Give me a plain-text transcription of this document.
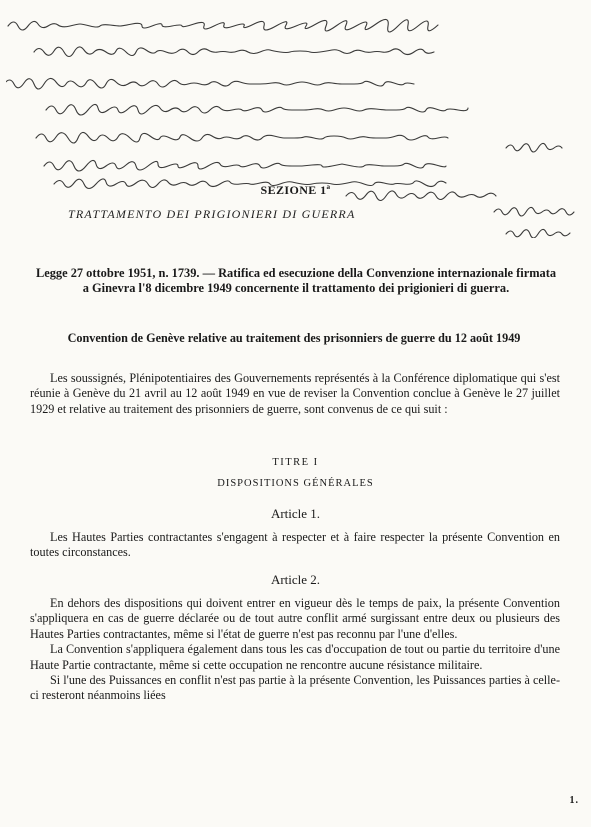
SEZIONE 1ª
TRATTAMENTO DEI PRIGIONIERI DI GUERRA
Legge 27 ottobre 1951, n. 1739. — Ratifica ed esecuzione della Convenzione internazionale firmata a Ginevra l'8 dicembre 1949 concernente il trattamento dei prigionieri di guerra.
Convention de Genève relative au traitement des prisonniers de guerre du 12 août 1949

Les soussignés, Plénipotentiaires des Gouvernements représentés à la Conférence diplomatique qui s'est réunie à Genève du 21 avril au 12 août 1949 en vue de reviser la Convention conclue à Genève le 27 juillet 1929 et relative au traitement des prisonniers de guerre, sont convenus de ce qui suit :

TITRE I
DISPOSITIONS GÉNÉRALES
Article 1.

Les Hautes Parties contractantes s'engagent à respecter et à faire respecter la présente Convention en toutes circonstances.

Article 2.

En dehors des dispositions qui doivent entrer en vigueur dès le temps de paix, la présente Convention s'appliquera en cas de guerre déclarée ou de tout autre conflit armé surgissant entre deux ou plusieurs des Hautes Parties contractantes, même si l'état de guerre n'est pas reconnu par l'une d'elles.

La Convention s'appliquera également dans tous les cas d'occupation de tout ou partie du territoire d'une Haute Partie contractante, même si cette occupation ne rencontre aucune résistance militaire.

Si l'une des Puissances en conflit n'est pas partie à la présente Convention, les Puissances parties à celle-ci resteront néanmoins liées

1.
